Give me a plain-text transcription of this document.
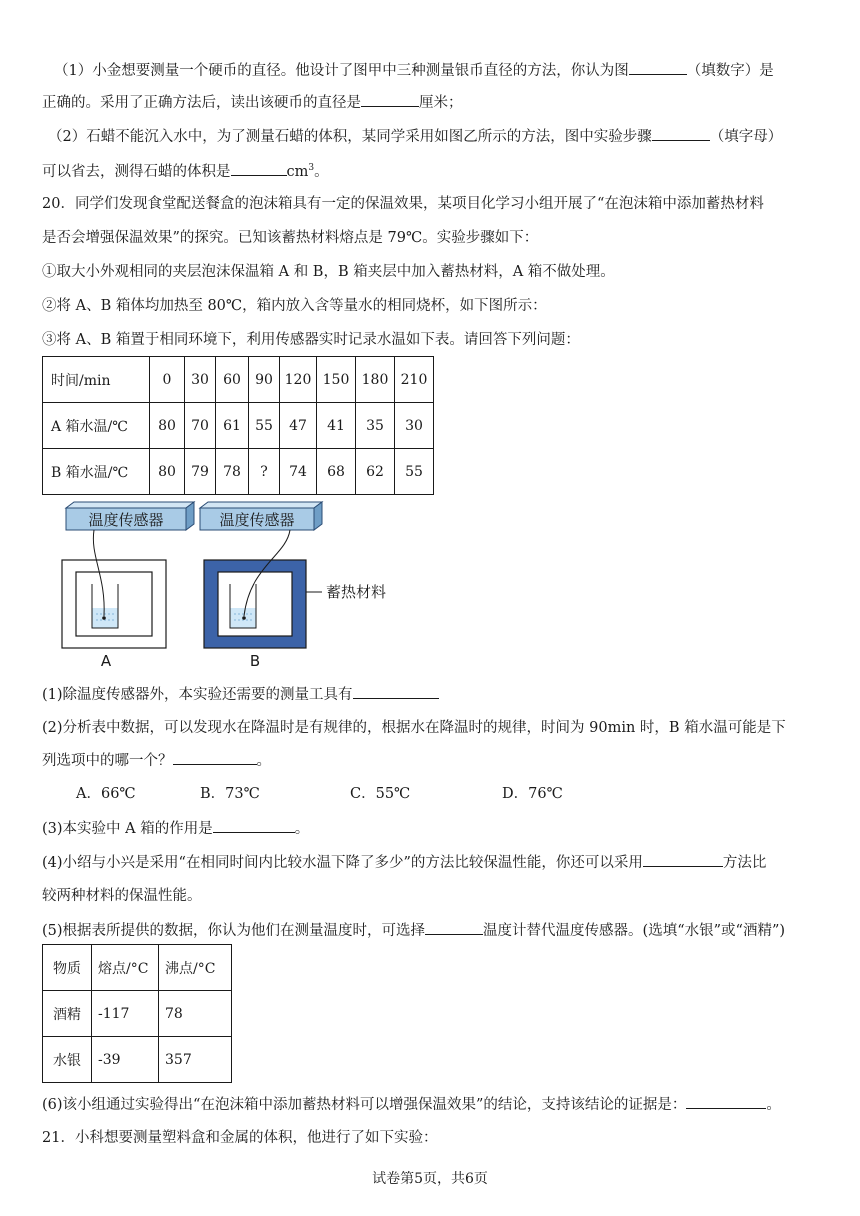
（1）小金想要测量一个硬币的直径。他设计了图甲中三种测量银币直径的方法，你认为图	（填数字）是
正确的。采用了正确方法后，读出该硬币的直径是	厘米；
（2）石蜡不能沉入水中，为了测量石蜡的体积，某同学采用如图乙所示的方法，图中实验步骤	（填字母）
可以省去，测得石蜡的体积是	$cm^3$。
20．同学们发现食堂配送餐盒的泡沫箱具有一定的保温效果，某项目化学习小组开展了“在泡沫箱中添加蓄热材料
是否会增强保温效果”的探究。已知该蓄热材料熔点是 79℃。实验步骤如下：
①取大小外观相同的夹层泡沫保温箱 A 和 B，B 箱夹层中加入蓄热材料，A 箱不做处理。
②将 A、B 箱体均加热至 80℃，箱内放入含等量水的相同烧杯，如下图所示：
③将 A、B 箱置于相同环境下，利用传感器实时记录水温如下表。请回答下列问题：
时间/min	0	30	60	90	120	150	180	210
A 箱水温/℃	80	70	61	55	47	41	35	30
B 箱水温/℃	80	79	78	?	74	68	62	55
温度传感器	温度传感器
A
蓄热材料
B
(1)除温度传感器外，本实验还需要的测量工具有
(2)分析表中数据，可以发现水在降温时是有规律的，根据水在降温时的规律，时间为 90min 时，B 箱水温可能是下
列选项中的哪一个？	。
A．66℃	B．73℃	C．55℃	D．76℃
(3)本实验中 A 箱的作用是	。
(4)小绍与小兴是采用“在相同时间内比较水温下降了多少”的方法比较保温性能，你还可以采用	方法比
较两种材料的保温性能。
(5)根据表所提供的数据，你认为他们在测量温度时，可选择	温度计替代温度传感器。(选填“水银”或“酒精”)
物质	熔点/°C	沸点/°C
酒精	-117	78
水银	-39	357
(6)该小组通过实验得出“在泡沫箱中添加蓄热材料可以增强保温效果”的结论，支持该结论的证据是：	。
21．小科想要测量塑料盒和金属的体积，他进行了如下实验：
试卷第5页，共6页
